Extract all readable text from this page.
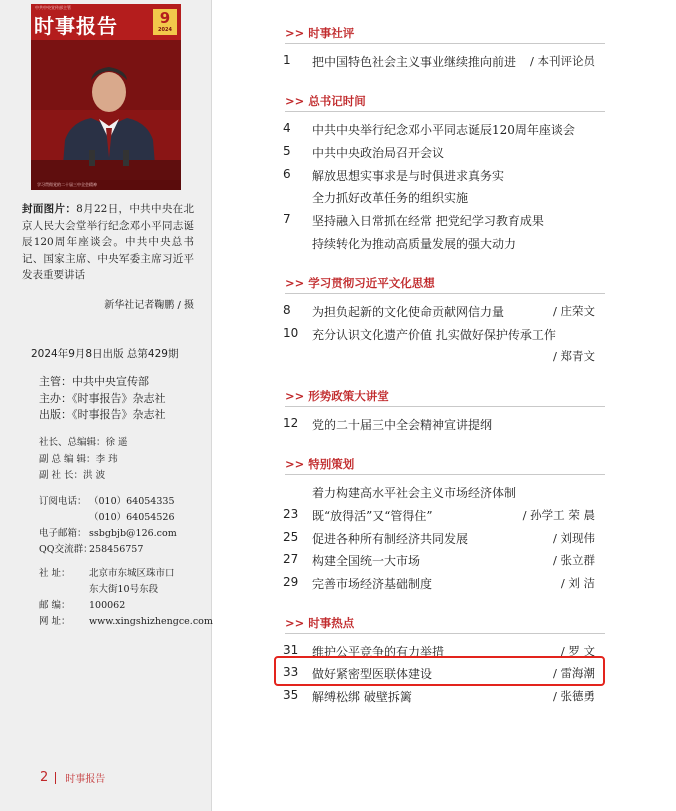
中共中央宣传部主管
时事报告	9
2024
学习贯彻党的二十届三中全会精神
封面图片：8月22日，中共中央在北京人民大会堂举行纪念邓小平同志诞辰120周年座谈会。中共中央总书记、国家主席、中央军委主席习近平发表重要讲话
新华社记者鞠鹏 / 摄
2024年9月8日出版 总第429期
主管：中共中央宣传部
主办：《时事报告》杂志社
出版：《时事报告》杂志社
社长、总编辑： 徐 遥
副 总 编 辑： 李 玮
副 社 长： 洪 波
订阅电话： （010）64054335
（010）64054526
电子邮箱： ssbgbjb@126.com
QQ交流群：
258456757
社 址：	北京市东城区珠市口
东大街10号东段
邮 编：	100062
网 址：	www.xingshizhengce.com
2 时事报告
>> 时事社评
1	把中国特色社会主义事业继续推向前进 / 本刊评论员
>> 总书记时间
4	中共中央举行纪念邓小平同志诞辰120周年座谈会
5	中共中央政治局召开会议
6	解放思想实事求是与时俱进求真务实
全力抓好改革任务的组织实施
7	坚持融入日常抓在经常 把党纪学习教育成果
持续转化为推动高质量发展的强大动力
>> 学习贯彻习近平文化思想
8	为担负起新的文化使命贡献网信力量	/ 庄荣文
10	充分认识文化遗产价值 扎实做好保护传承工作
/ 郑青文
>> 形势政策大讲堂
12	党的二十届三中全会精神宣讲提纲
>> 特别策划
着力构建高水平社会主义市场经济体制
23	既“放得活”又“管得住”	/ 孙学工 荣 晨
25	促进各种所有制经济共同发展	/ 刘现伟
27	构建全国统一大市场	/ 张立群
29	完善市场经济基础制度	/ 刘 洁
>> 时事热点
31	维护公平竞争的有力举措	/ 罗 文
33	做好紧密型医联体建设	/ 雷海潮
35	解缚松绑 破壁拆篱	/ 张德勇
